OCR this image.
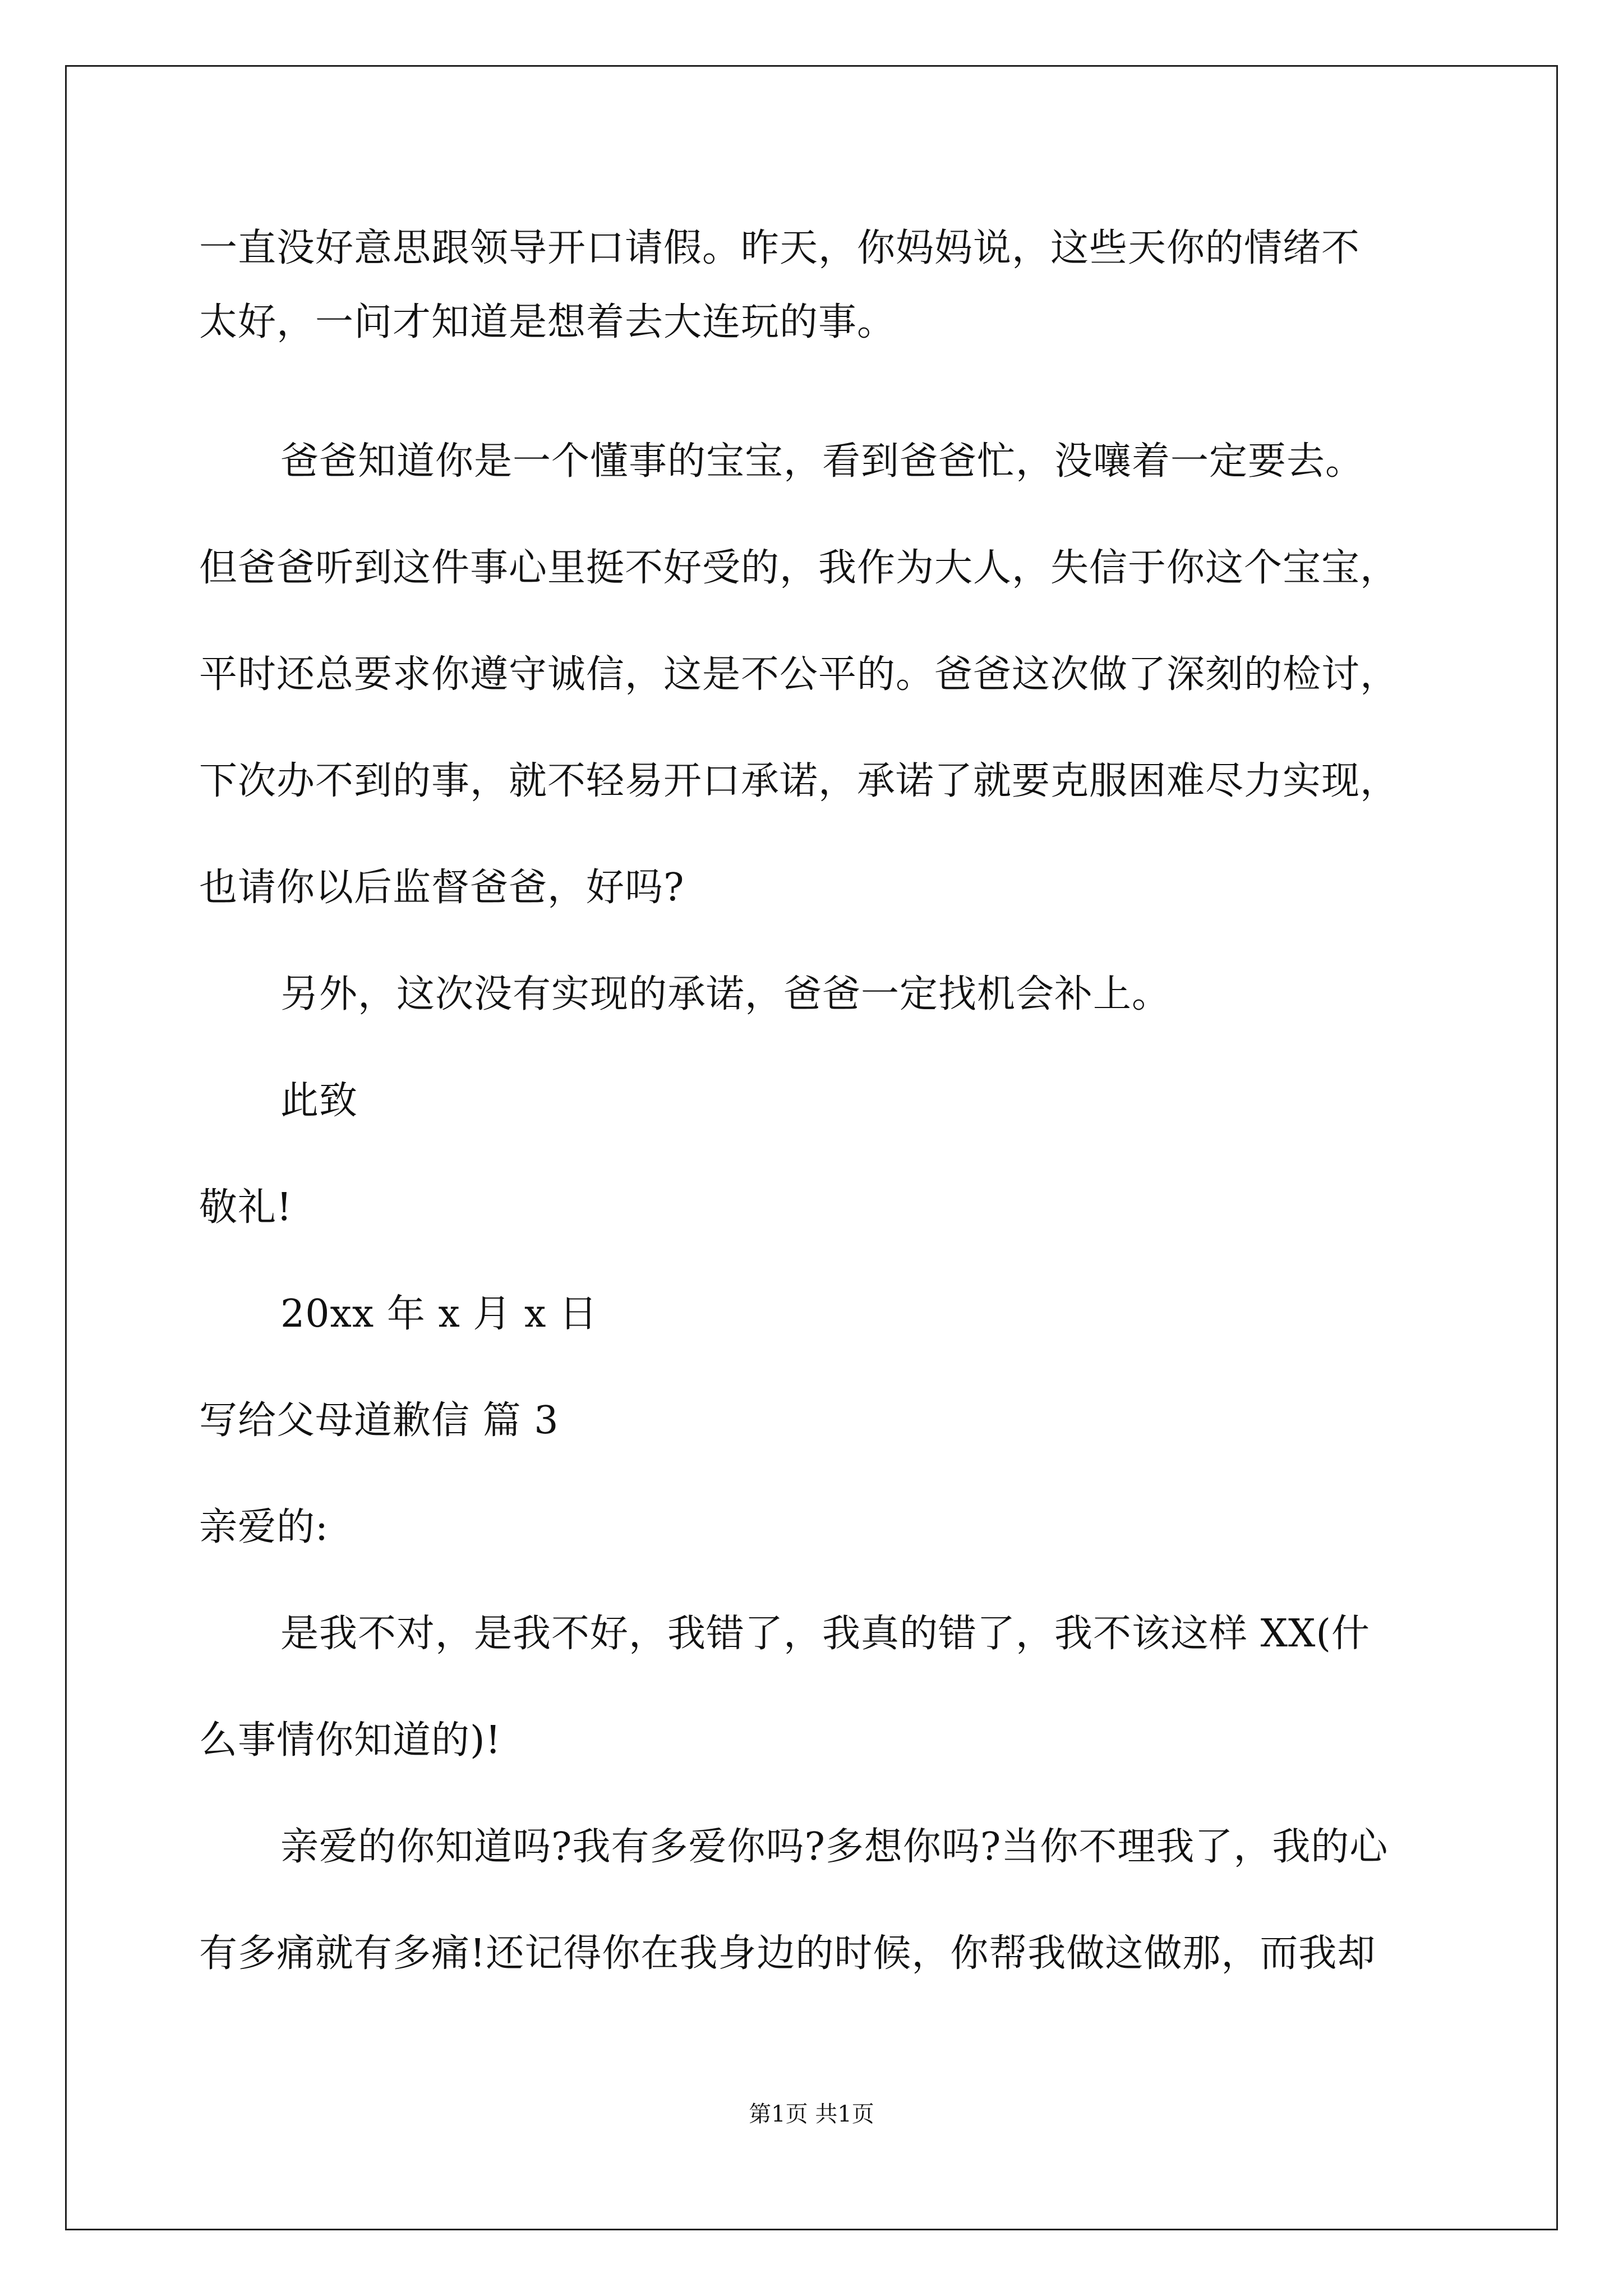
一直没好意思跟领导开口请假。昨天，你妈妈说，这些天你的情绪不
太好，一问才知道是想着去大连玩的事。
爸爸知道你是一个懂事的宝宝，看到爸爸忙，没嚷着一定要去。
但爸爸听到这件事心里挺不好受的，我作为大人，失信于你这个宝宝，
平时还总要求你遵守诚信，这是不公平的。爸爸这次做了深刻的检讨，
下次办不到的事，就不轻易开口承诺，承诺了就要克服困难尽力实现，
也请你以后监督爸爸，好吗?
另外，这次没有实现的承诺，爸爸一定找机会补上。
此致
敬礼!
20xx 年 x 月 x 日
写给父母道歉信 篇 3
亲爱的:
是我不对，是我不好，我错了，我真的错了，我不该这样 XX(什
么事情你知道的)!
亲爱的你知道吗?我有多爱你吗?多想你吗?当你不理我了，我的心
有多痛就有多痛!还记得你在我身边的时候，你帮我做这做那，而我却
第1页 共1页
